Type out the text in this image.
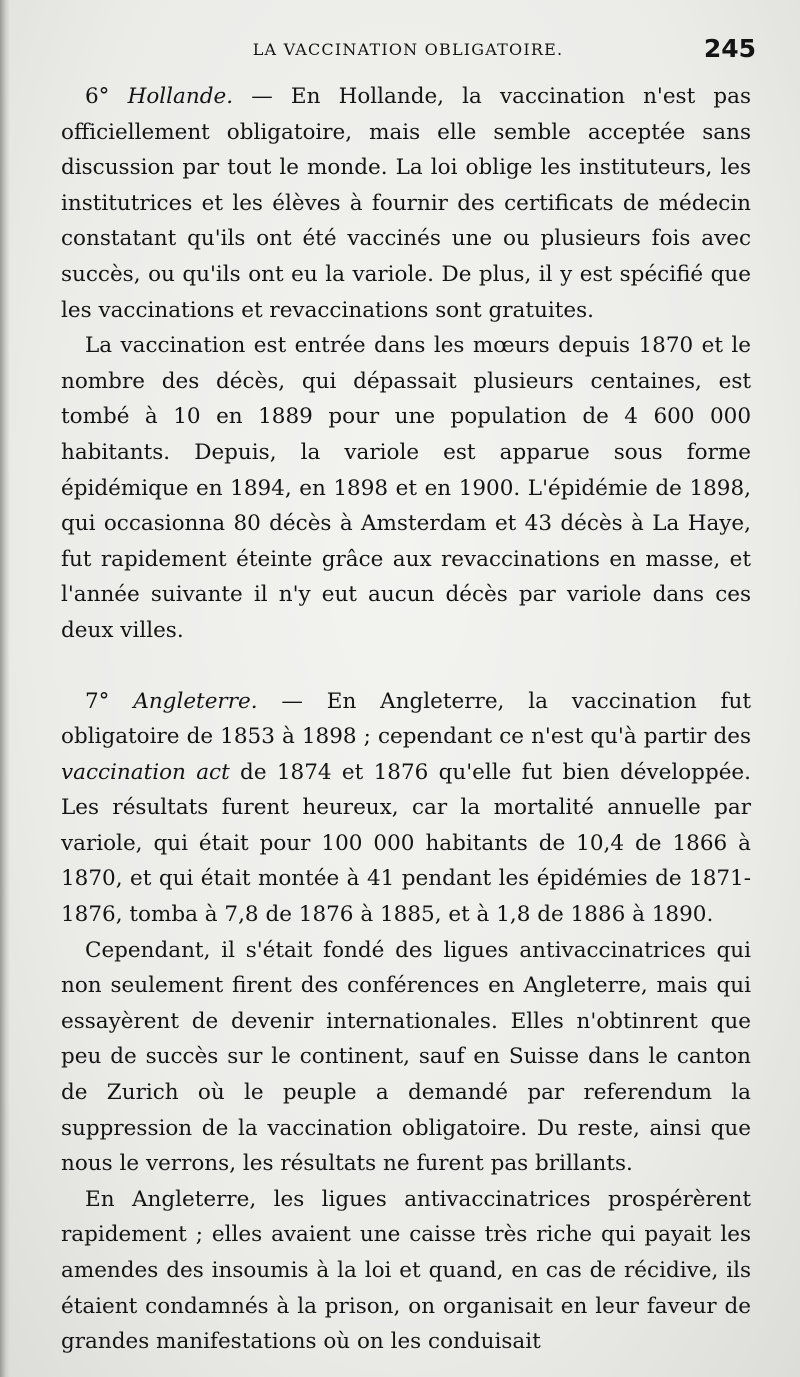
LA VACCINATION OBLIGATOIRE.	245

6° Hollande. — En Hollande, la vaccination n'est pas officiellement obligatoire, mais elle semble acceptée sans discussion par tout le monde. La loi oblige les instituteurs, les institutrices et les élèves à fournir des certificats de médecin constatant qu'ils ont été vaccinés une ou plusieurs fois avec succès, ou qu'ils ont eu la variole. De plus, il y est spécifié que les vaccinations et revaccinations sont gratuites.

La vaccination est entrée dans les mœurs depuis 1870 et le nombre des décès, qui dépassait plusieurs centaines, est tombé à 10 en 1889 pour une population de 4 600 000 habitants. Depuis, la variole est apparue sous forme épidémique en 1894, en 1898 et en 1900. L'épidémie de 1898, qui occasionna 80 décès à Amsterdam et 43 décès à La Haye, fut rapidement éteinte grâce aux revaccinations en masse, et l'année suivante il n'y eut aucun décès par variole dans ces deux villes.

7° Angleterre. — En Angleterre, la vaccination fut obligatoire de 1853 à 1898 ; cependant ce n'est qu'à partir des vaccination act de 1874 et 1876 qu'elle fut bien développée. Les résultats furent heureux, car la mortalité annuelle par variole, qui était pour 100 000 habitants de 10,4 de 1866 à 1870, et qui était montée à 41 pendant les épidémies de 1871-1876, tomba à 7,8 de 1876 à 1885, et à 1,8 de 1886 à 1890.

Cependant, il s'était fondé des ligues antivaccinatrices qui non seulement firent des conférences en Angleterre, mais qui essayèrent de devenir internationales. Elles n'obtinrent que peu de succès sur le continent, sauf en Suisse dans le canton de Zurich où le peuple a demandé par referendum la suppression de la vaccination obligatoire. Du reste, ainsi que nous le verrons, les résultats ne furent pas brillants.

En Angleterre, les ligues antivaccinatrices prospérèrent rapidement ; elles avaient une caisse très riche qui payait les amendes des insoumis à la loi et quand, en cas de récidive, ils étaient condamnés à la prison, on organisait en leur faveur de grandes manifestations où on les conduisait
